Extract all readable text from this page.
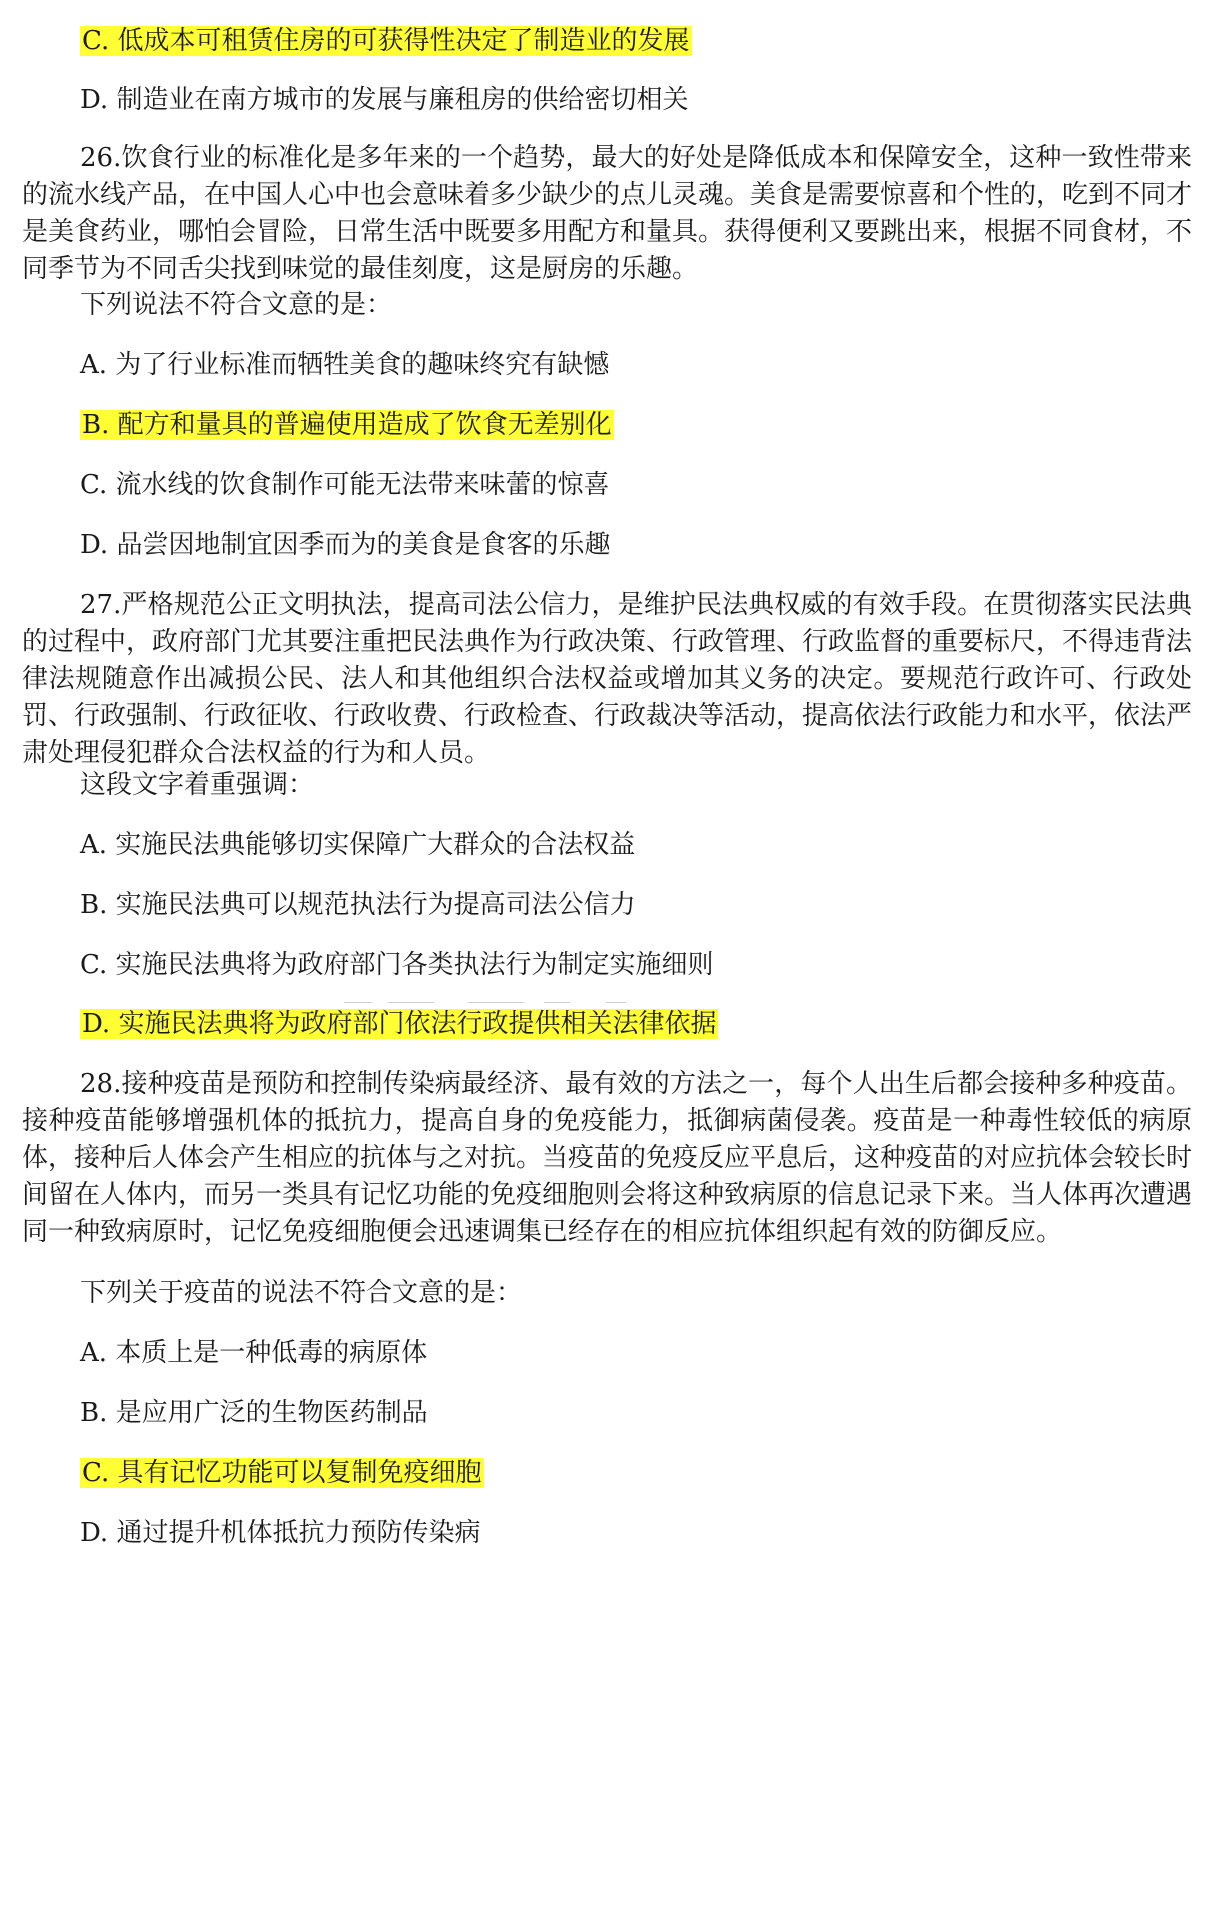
C. 低成本可租赁住房的可获得性决定了制造业的发展
D. 制造业在南方城市的发展与廉租房的供给密切相关
26.饮食行业的标准化是多年来的一个趋势，最大的好处是降低成本和保障安全，这种一致性带来的流水线产品，在中国人心中也会意味着多少缺少的点儿灵魂。美食是需要惊喜和个性的，吃到不同才是美食药业，哪怕会冒险，日常生活中既要多用配方和量具。获得便利又要跳出来，根据不同食材，不同季节为不同舌尖找到味觉的最佳刻度，这是厨房的乐趣。
下列说法不符合文意的是：
A. 为了行业标准而牺牲美食的趣味终究有缺憾
B. 配方和量具的普遍使用造成了饮食无差别化
C. 流水线的饮食制作可能无法带来味蕾的惊喜
D. 品尝因地制宜因季而为的美食是食客的乐趣
27.严格规范公正文明执法，提高司法公信力，是维护民法典权威的有效手段。在贯彻落实民法典的过程中，政府部门尤其要注重把民法典作为行政决策、行政管理、行政监督的重要标尺，不得违背法律法规随意作出减损公民、法人和其他组织合法权益或增加其义务的决定。要规范行政许可、行政处罚、行政强制、行政征收、行政收费、行政检查、行政裁决等活动，提高依法行政能力和水平，依法严肃处理侵犯群众合法权益的行为和人员。
这段文字着重强调：
A. 实施民法典能够切实保障广大群众的合法权益
B. 实施民法典可以规范执法行为提高司法公信力
C. 实施民法典将为政府部门各类执法行为制定实施细则
D. 实施民法典将为政府部门依法行政提供相关法律依据
28.接种疫苗是预防和控制传染病最经济、最有效的方法之一，每个人出生后都会接种多种疫苗。接种疫苗能够增强机体的抵抗力，提高自身的免疫能力，抵御病菌侵袭。疫苗是一种毒性较低的病原体，接种后人体会产生相应的抗体与之对抗。当疫苗的免疫反应平息后，这种疫苗的对应抗体会较长时间留在人体内，而另一类具有记忆功能的免疫细胞则会将这种致病原的信息记录下来。当人体再次遭遇同一种致病原时，记忆免疫细胞便会迅速调集已经存在的相应抗体组织起有效的防御反应。
下列关于疫苗的说法不符合文意的是：
A. 本质上是一种低毒的病原体
B. 是应用广泛的生物医药制品
C. 具有记忆功能可以复制免疫细胞
D. 通过提升机体抵抗力预防传染病
